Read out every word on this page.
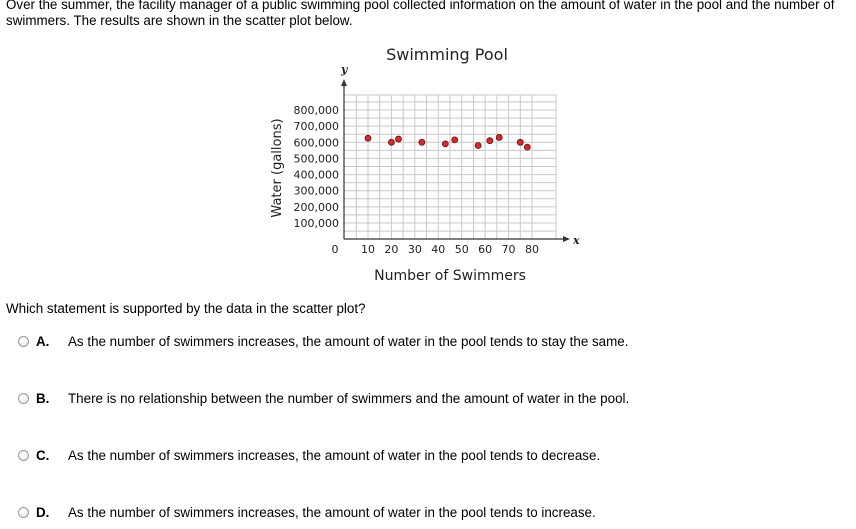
Over the summer, the facility manager of a public swimming pool collected information on the amount of water in the pool and the number of swimmers. The results are shown in the scatter plot below.

Swimming Pool
10 20 30 40 50 60 70 80
100,000
200,000
300,000
400,000
500,000
600,000
700,000
800,000
Water (gallons)
Number of Swimmers
x
y
0

Which statement is supported by the data in the scatter plot?

A.	As the number of swimmers increases, the amount of water in the pool tends to stay the same.
B.	There is no relationship between the number of swimmers and the amount of water in the pool.
C.	As the number of swimmers increases, the amount of water in the pool tends to decrease.
D.	As the number of swimmers increases, the amount of water in the pool tends to increase.
